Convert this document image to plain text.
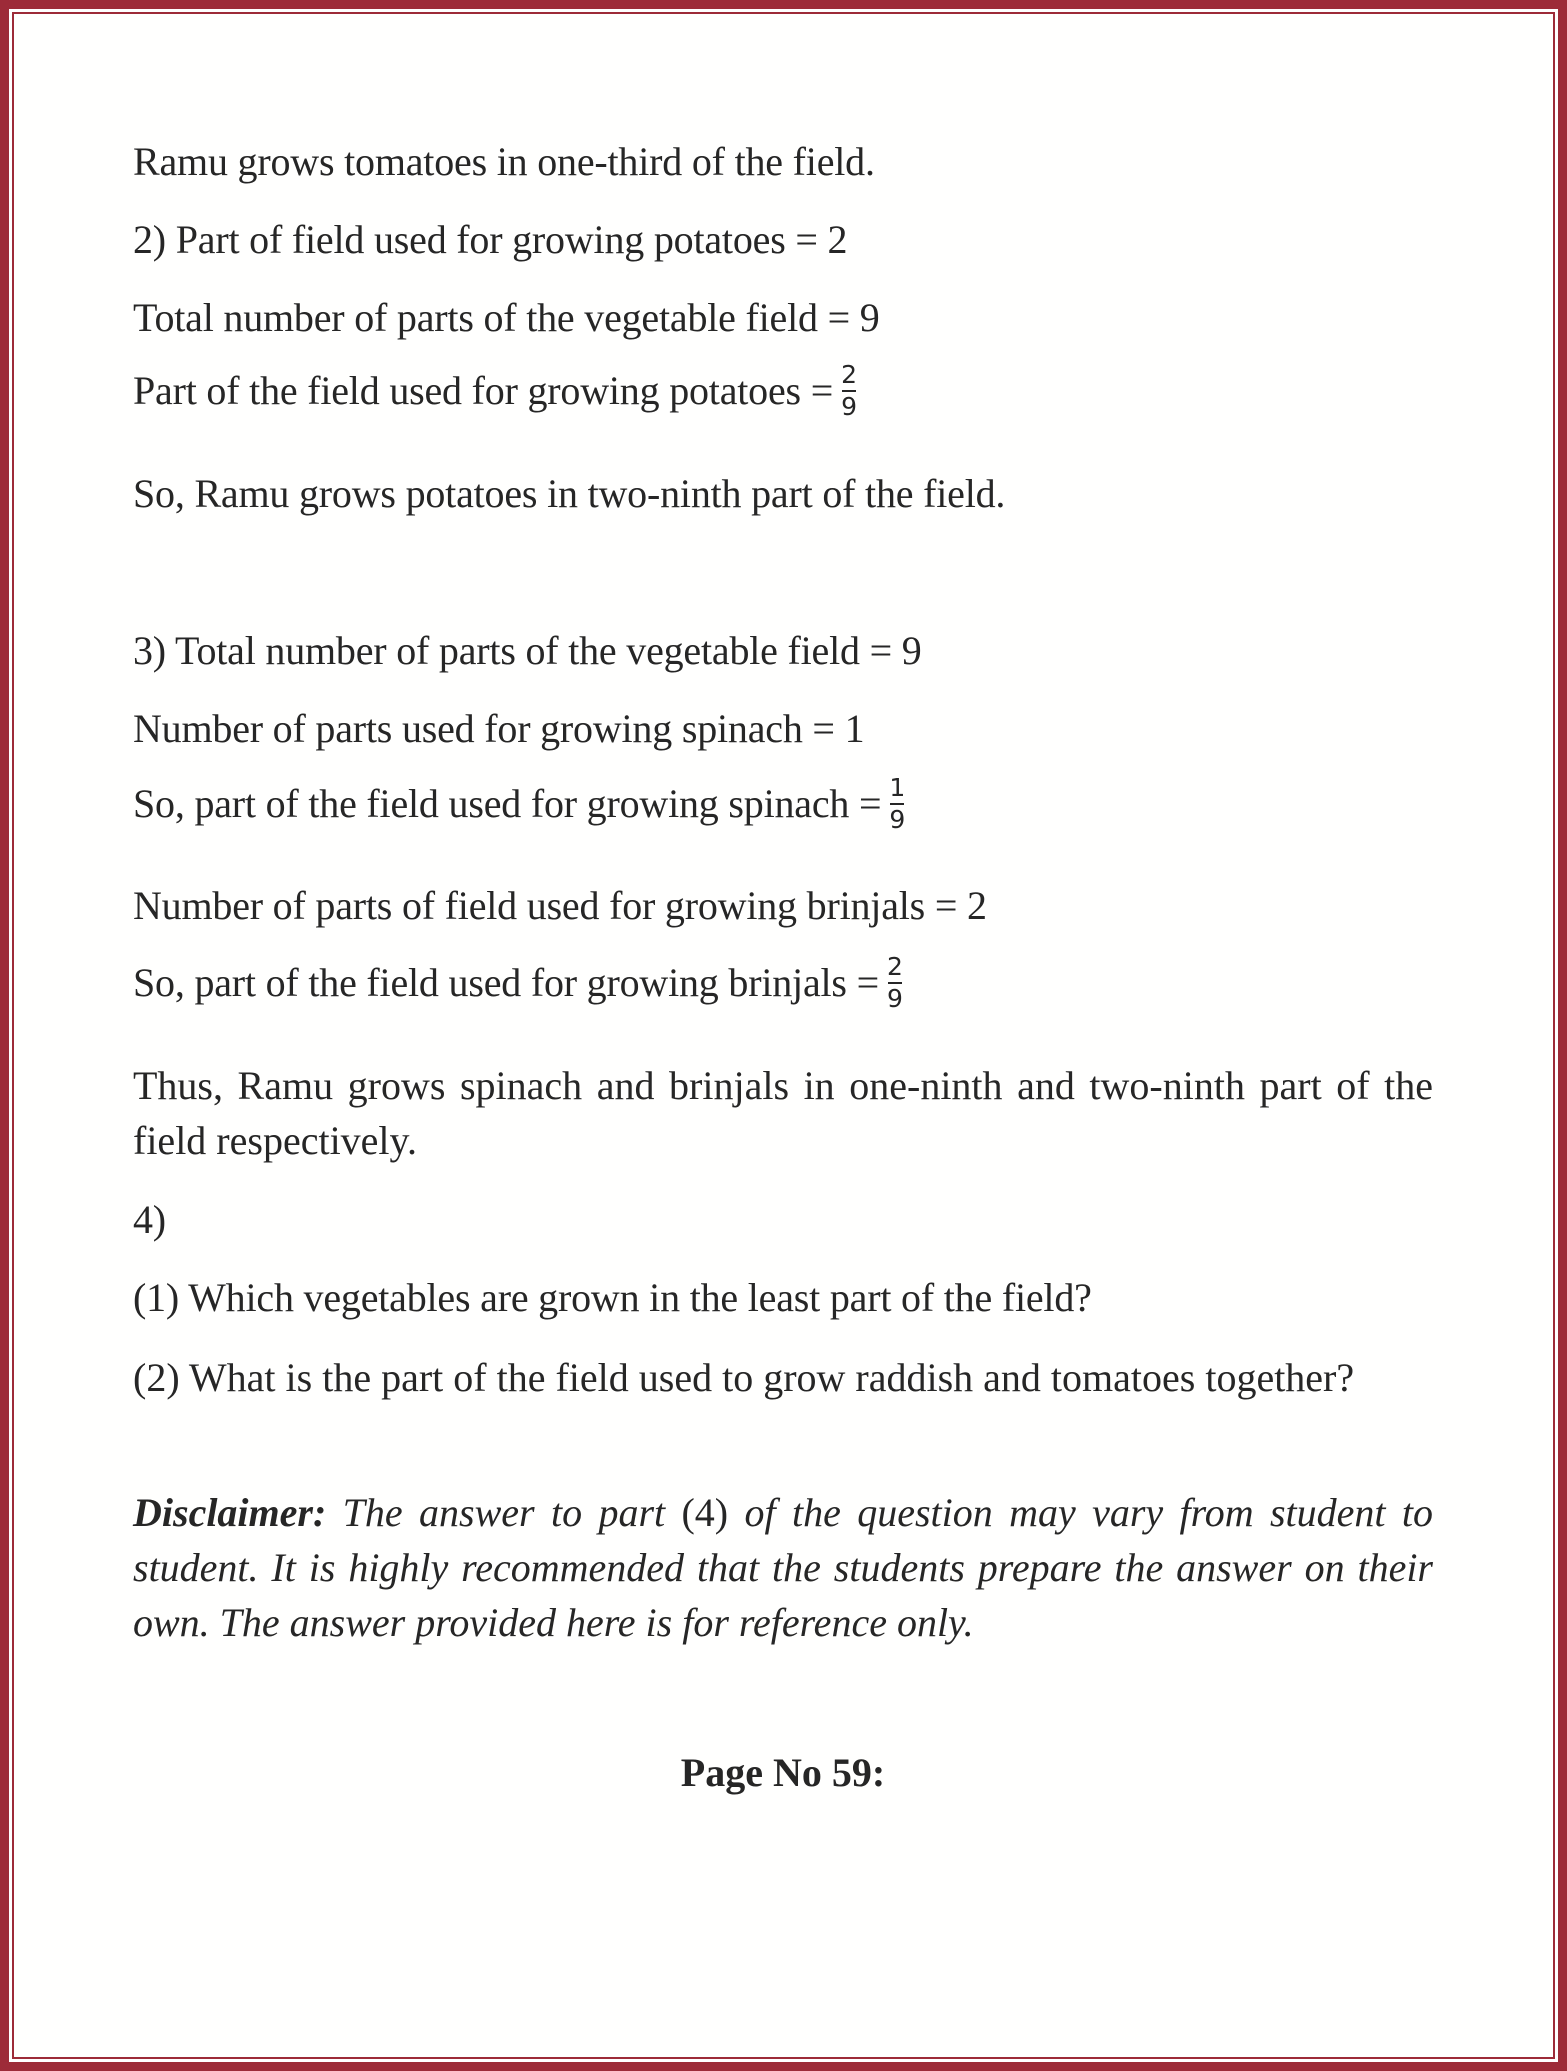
Ramu grows tomatoes in one-third of the field.
2) Part of field used for growing potatoes = 2
Total number of parts of the vegetable field = 9
Part of the field used for growing potatoes = $\frac{2}{9}$
So, Ramu grows potatoes in two-ninth part of the field.
3) Total number of parts of the vegetable field = 9
Number of parts used for growing spinach = 1
So, part of the field used for growing spinach = $\frac{1}{9}$
Number of parts of field used for growing brinjals = 2
So, part of the field used for growing brinjals = $\frac{2}{9}$
Thus, Ramu grows spinach and brinjals in one-ninth and two-ninth part of the field respectively.
4)
(1) Which vegetables are grown in the least part of the field?
(2) What is the part of the field used to grow raddish and tomatoes together?
Disclaimer: The answer to part (4) of the question may vary from student to student. It is highly recommended that the students prepare the answer on their own. The answer provided here is for reference only.
Page No 59:
